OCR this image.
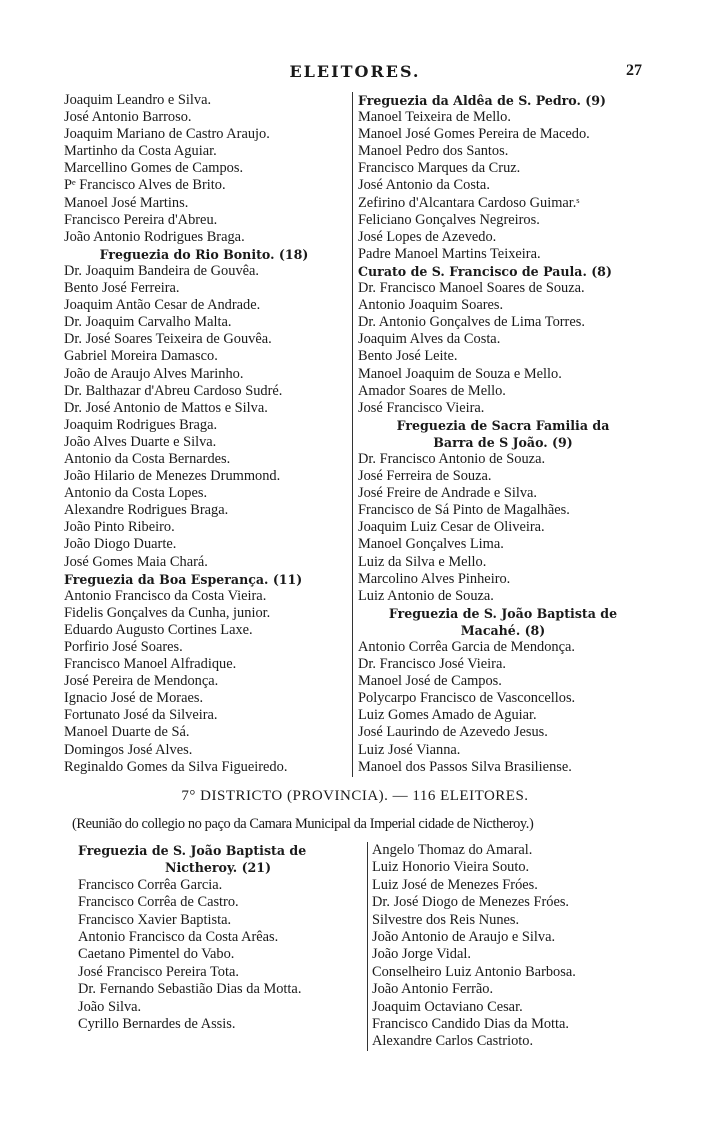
ELEITORES.	27
Joaquim Leandro e Silva.
José Antonio Barroso.
Joaquim Mariano de Castro Araujo.
Martinho da Costa Aguiar.
Marcellino Gomes de Campos.
Pᵉ Francisco Alves de Brito.
Manoel José Martins.
Francisco Pereira d'Abreu.
João Antonio Rodrigues Braga.
Freguezia do Rio Bonito. (18)
Dr. Joaquim Bandeira de Gouvêa.
Bento José Ferreira.
Joaquim Antão Cesar de Andrade.
Dr. Joaquim Carvalho Malta.
Dr. José Soares Teixeira de Gouvêa.
Gabriel Moreira Damasco.
João de Araujo Alves Marinho.
Dr. Balthazar d'Abreu Cardoso Sudré.
Dr. José Antonio de Mattos e Silva.
Joaquim Rodrigues Braga.
João Alves Duarte e Silva.
Antonio da Costa Bernardes.
João Hilario de Menezes Drummond.
Antonio da Costa Lopes.
Alexandre Rodrigues Braga.
João Pinto Ribeiro.
João Diogo Duarte.
José Gomes Maia Chará.
Freguezia da Boa Esperança. (11)
Antonio Francisco da Costa Vieira.
Fidelis Gonçalves da Cunha, junior.
Eduardo Augusto Cortines Laxe.
Porfirio José Soares.
Francisco Manoel Alfradique.
José Pereira de Mendonça.
Ignacio José de Moraes.
Fortunato José da Silveira.
Manoel Duarte de Sá.
Domingos José Alves.
Reginaldo Gomes da Silva Figueiredo.
Freguezia da Aldêa de S. Pedro. (9)
Manoel Teixeira de Mello.
Manoel José Gomes Pereira de Macedo.
Manoel Pedro dos Santos.
Francisco Marques da Cruz.
José Antonio da Costa.
Zefirino d'Alcantara Cardoso Guimar.ˢ
Feliciano Gonçalves Negreiros.
José Lopes de Azevedo.
Padre Manoel Martins Teixeira.
Curato de S. Francisco de Paula. (8)
Dr. Francisco Manoel Soares de Souza.
Antonio Joaquim Soares.
Dr. Antonio Gonçalves de Lima Torres.
Joaquim Alves da Costa.
Bento José Leite.
Manoel Joaquim de Souza e Mello.
Amador Soares de Mello.
José Francisco Vieira.
Freguezia de Sacra Familia da
Barra de S João. (9)
Dr. Francisco Antonio de Souza.
José Ferreira de Souza.
José Freire de Andrade e Silva.
Francisco de Sá Pinto de Magalhães.
Joaquim Luiz Cesar de Oliveira.
Manoel Gonçalves Lima.
Luiz da Silva e Mello.
Marcolino Alves Pinheiro.
Luiz Antonio de Souza.
Freguezia de S. João Baptista de
Macahé. (8)
Antonio Corrêa Garcia de Mendonça.
Dr. Francisco José Vieira.
Manoel José de Campos.
Polycarpo Francisco de Vasconcellos.
Luiz Gomes Amado de Aguiar.
José Laurindo de Azevedo Jesus.
Luiz José Vianna.
Manoel dos Passos Silva Brasiliense.
7° DISTRICTO (PROVINCIA). — 116 ELEITORES.
(Reunião do collegio no paço da Camara Municipal da Imperial cidade de Nictheroy.)
Freguezia de S. João Baptista de
Nictheroy. (21)
Francisco Corrêa Garcia.
Francisco Corrêa de Castro.
Francisco Xavier Baptista.
Antonio Francisco da Costa Arêas.
Caetano Pimentel do Vabo.
José Francisco Pereira Tota.
Dr. Fernando Sebastião Dias da Motta.
João Silva.
Cyrillo Bernardes de Assis.
Angelo Thomaz do Amaral.
Luiz Honorio Vieira Souto.
Luiz José de Menezes Fróes.
Dr. José Diogo de Menezes Fróes.
Silvestre dos Reis Nunes.
João Antonio de Araujo e Silva.
João Jorge Vidal.
Conselheiro Luiz Antonio Barbosa.
João Antonio Ferrão.
Joaquim Octaviano Cesar.
Francisco Candido Dias da Motta.
Alexandre Carlos Castrioto.
